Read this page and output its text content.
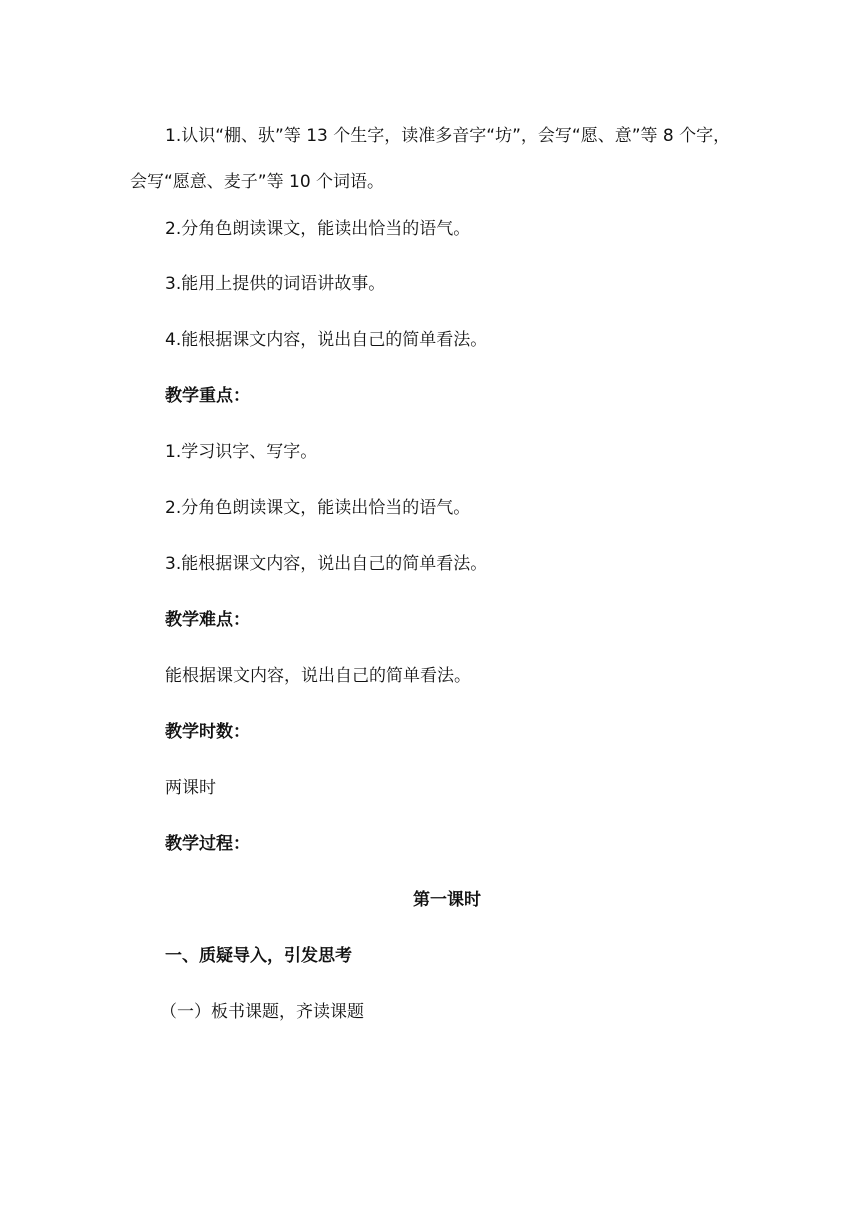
1.认识“棚、驮”等 13 个生字，读准多音字“坊”，会写“愿、意”等 8 个字，会写“愿意、麦子”等 10 个词语。
2.分角色朗读课文，能读出恰当的语气。
3.能用上提供的词语讲故事。
4.能根据课文内容，说出自己的简单看法。
教学重点：
1.学习识字、写字。
2.分角色朗读课文，能读出恰当的语气。
3.能根据课文内容，说出自己的简单看法。
教学难点：
能根据课文内容，说出自己的简单看法。
教学时数：
两课时
教学过程：
第一课时
一、质疑导入，引发思考
（一）板书课题，齐读课题
